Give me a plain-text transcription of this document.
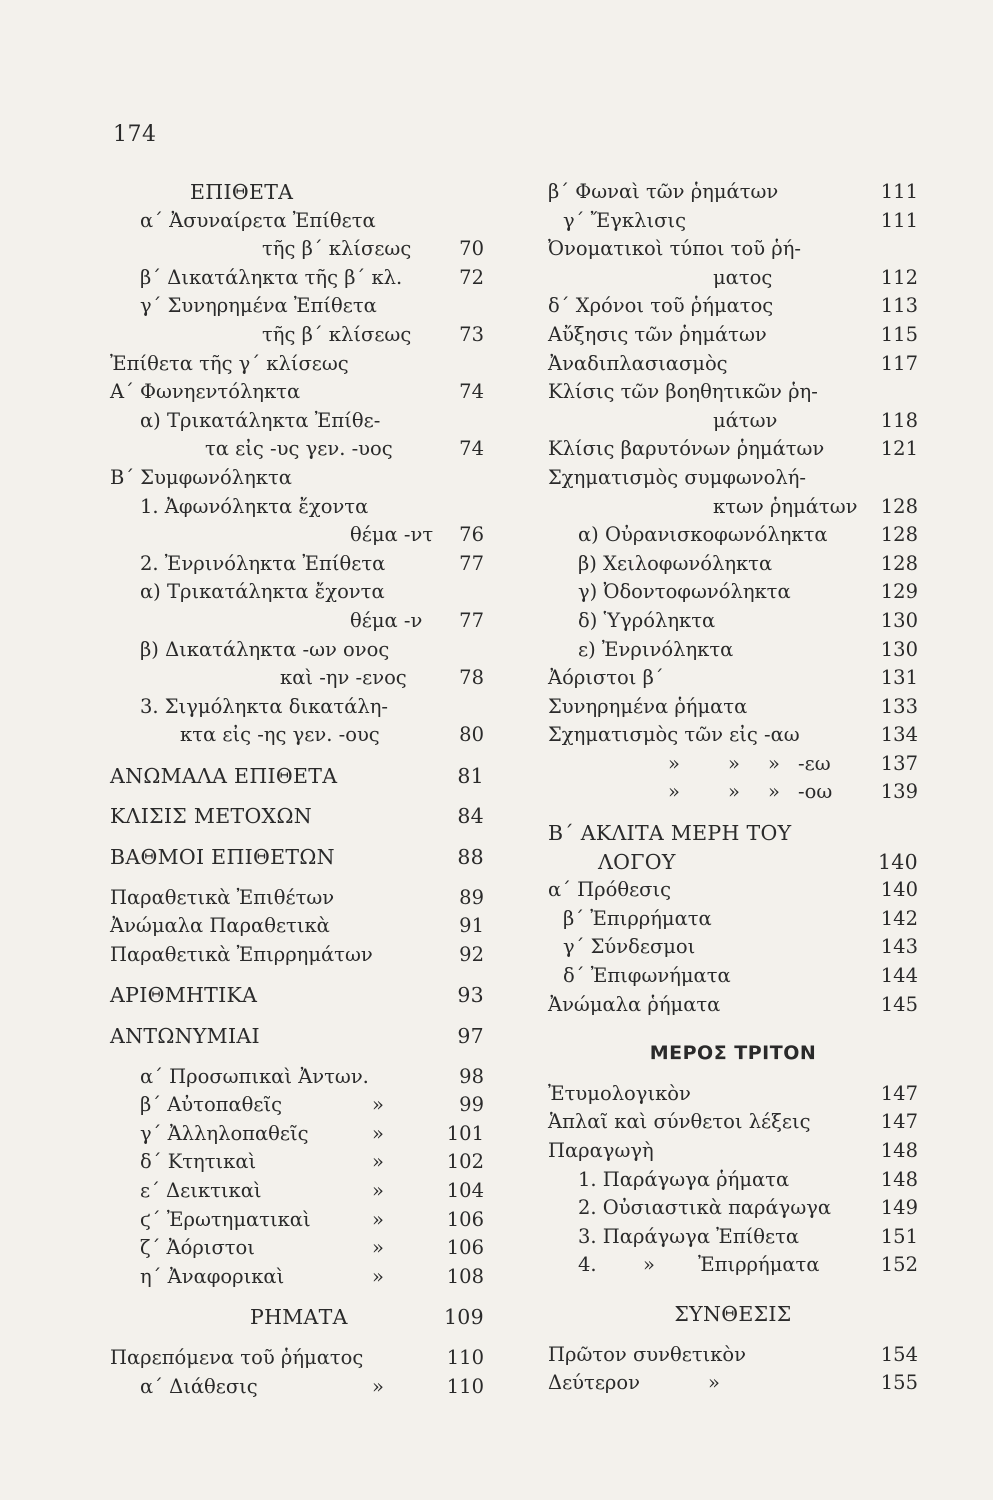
174
ΕΠΙΘΕΤΑ
α΄ Ἀσυναίρετα Ἐπίθετα
τῆς β΄ κλίσεως 70
β΄ Δικατάληκτα τῆς β΄ κλ.	72
γ΄ Συνηρημένα Ἐπίθετα
τῆς β΄ κλίσεως 73
Ἐπίθετα τῆς γ΄ κλίσεως
Α΄ Φωνηεντόληκτα	74
α) Τρικατάληκτα Ἐπίθε-
τα εἰς -υς γεν. -υος	74
Β΄ Συμφωνόληκτα
1. Ἀφωνόληκτα ἔχοντα
θέμα -ντ 76
2. Ἐνρινόληκτα Ἐπίθετα	77
α) Τρικατάληκτα ἔχοντα
θέμα -ν 77
β) Δικατάληκτα -ων ονος
καὶ -ην -ενος	78
3. Σιγμόληκτα δικατάλη-
κτα εἰς -ης γεν. -ους	80
ΑΝΩΜΑΛΑ ΕΠΙΘΕΤΑ	81
ΚΛΙΣΙΣ ΜΕΤΟΧΩΝ	84
ΒΑΘΜΟΙ ΕΠΙΘΕΤΩΝ	88
Παραθετικὰ Ἐπιθέτων	89
Ἀνώμαλα Παραθετικὰ	91
Παραθετικὰ Ἐπιρρημάτων	92
ΑΡΙΘΜΗΤΙΚΑ	93
ΑΝΤΩΝΥΜΙΑΙ	97
α΄ Προσωπικαὶ Ἀντων.	98
β΄ Αὐτοπαθεῖς	»	99
γ΄ Ἀλληλοπαθεῖς	»	101
δ΄ Κτητικαὶ	»	102
ε΄ Δεικτικαὶ	»	104
ϛ΄ Ἐρωτηματικαὶ	»	106
ζ΄ Ἀόριστοι	»	106
η΄ Ἀναφορικαὶ	»	108
ΡΗΜΑΤΑ	109
Παρεπόμενα τοῦ ῥήματος	110
α΄ Διάθεσις	»	110
β΄ Φωναὶ τῶν ῥημάτων	111
γ΄ Ἔγκλισις	111
Ὀνοματικοὶ τύποι τοῦ ῥή-
ματος	112
δ΄ Χρόνοι τοῦ ῥήματος	113
Αὔξησις τῶν ῥημάτων	115
Ἀναδιπλασιασμὸς	117
Κλίσις τῶν βοηθητικῶν ῥη-
μάτων	118
Κλίσις βαρυτόνων ῥημάτων	121
Σχηματισμὸς συμφωνολή-
κτων ῥημάτων 128
α) Οὐρανισκοφωνόληκτα	128
β) Χειλοφωνόληκτα	128
γ) Ὀδοντοφωνόληκτα	129
δ) Ὑγρόληκτα	130
ε) Ἐνρινόληκτα	130
Ἀόριστοι β΄	131
Συνηρημένα ῥήματα	133
Σχηματισμὸς τῶν εἰς -αω	134
» » » -εω	137
» » » -οω 139
Β΄ ΑΚΛΙΤΑ ΜΕΡΗ ΤΟΥ
ΛΟΓΟΥ	140
α΄ Πρόθεσις	140
β΄ Ἐπιρρήματα	142
γ΄ Σύνδεσμοι	143
δ΄ Ἐπιφωνήματα	144
Ἀνώμαλα ῥήματα	145
ΜΕΡΟΣ ΤΡΙΤΟΝ
Ἐτυμολογικὸν	147
Ἁπλαῖ καὶ σύνθετοι λέξεις	147
Παραγωγὴ	148
1. Παράγωγα ῥήματα	148
2. Οὐσιαστικὰ παράγωγα	149
3. Παράγωγα Ἐπίθετα	151
4. » Ἐπιρρήματα	152
ΣΥΝΘΕΣΙΣ
Πρῶτον συνθετικὸν	154
Δεύτερον	»	155
